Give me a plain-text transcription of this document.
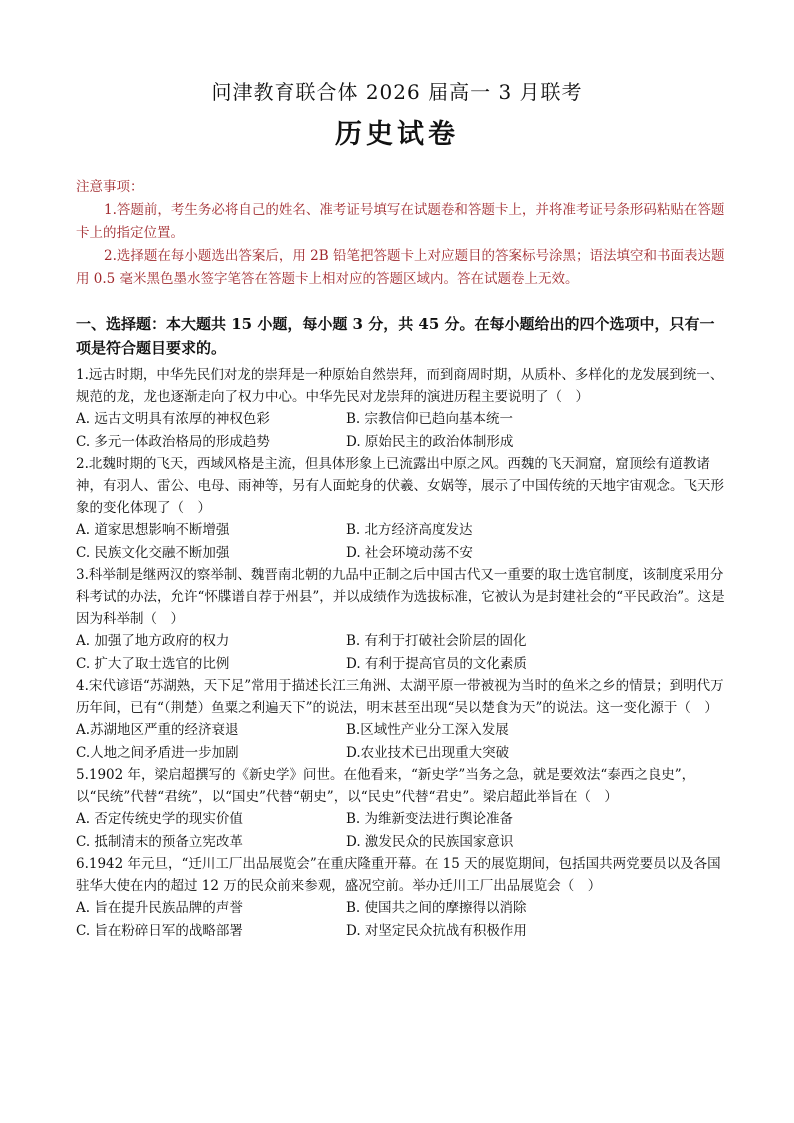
问津教育联合体 2026 届高一 3 月联考
历史试卷
注意事项：
1.答题前，考生务必将自己的姓名、准考证号填写在试题卷和答题卡上，并将准考证号条形码粘贴在答题卡上的指定位置。
2.选择题在每小题选出答案后，用 2B 铅笔把答题卡上对应题目的答案标号涂黑；语法填空和书面表达题用 0.5 毫米黑色墨水签字笔答在答题卡上相对应的答题区域内。答在试题卷上无效。
一、选择题：本大题共 15 小题，每小题 3 分，共 45 分。在每小题给出的四个选项中，只有一项是符合题目要求的。
1.远古时期，中华先民们对龙的崇拜是一种原始自然崇拜，而到商周时期，从质朴、多样化的龙发展到统一、规范的龙，龙也逐渐走向了权力中心。中华先民对龙崇拜的演进历程主要说明了（　）
A. 远古文明具有浓厚的神权色彩	B. 宗教信仰已趋向基本统一
C. 多元一体政治格局的形成趋势	D. 原始民主的政治体制形成
2.北魏时期的飞天，西域风格是主流，但具体形象上已流露出中原之风。西魏的飞天洞窟，窟顶绘有道教诸神，有羽人、雷公、电母、雨神等，另有人面蛇身的伏羲、女娲等，展示了中国传统的天地宇宙观念。飞天形象的变化体现了（　）
A. 道家思想影响不断增强	B. 北方经济高度发达
C. 民族文化交融不断加强	D. 社会环境动荡不安
3.科举制是继两汉的察举制、魏晋南北朝的九品中正制之后中国古代又一重要的取士选官制度，该制度采用分科考试的办法，允许“怀牒谱自荐于州县”，并以成绩作为选拔标准，它被认为是封建社会的“平民政治”。这是因为科举制（　）
A. 加强了地方政府的权力	B. 有利于打破社会阶层的固化
C. 扩大了取士选官的比例	D. 有利于提高官员的文化素质
4.宋代谚语“苏湖熟，天下足”常用于描述长江三角洲、太湖平原一带被视为当时的鱼米之乡的情景；到明代万历年间，已有“（荆楚）鱼粟之利遍天下”的说法，明末甚至出现“吴以楚食为天”的说法。这一变化源于（　）
A.苏湖地区严重的经济衰退	B.区域性产业分工深入发展
C.人地之间矛盾进一步加剧	D.农业技术已出现重大突破
5.1902 年，梁启超撰写的《新史学》问世。在他看来，“新史学”当务之急，就是要效法“泰西之良史”，以“民统”代替“君统”，以“国史”代替“朝史”，以“民史”代替“君史”。梁启超此举旨在（　）
A. 否定传统史学的现实价值	B. 为维新变法进行舆论准备
C. 抵制清末的预备立宪改革	D. 激发民众的民族国家意识
6.1942 年元旦，“迁川工厂出品展览会”在重庆隆重开幕。在 15 天的展览期间，包括国共两党要员以及各国驻华大使在内的超过 12 万的民众前来参观，盛况空前。举办迁川工厂出品展览会（　）
A. 旨在提升民族品牌的声誉	B. 使国共之间的摩擦得以消除
C. 旨在粉碎日军的战略部署	D. 对坚定民众抗战有积极作用
